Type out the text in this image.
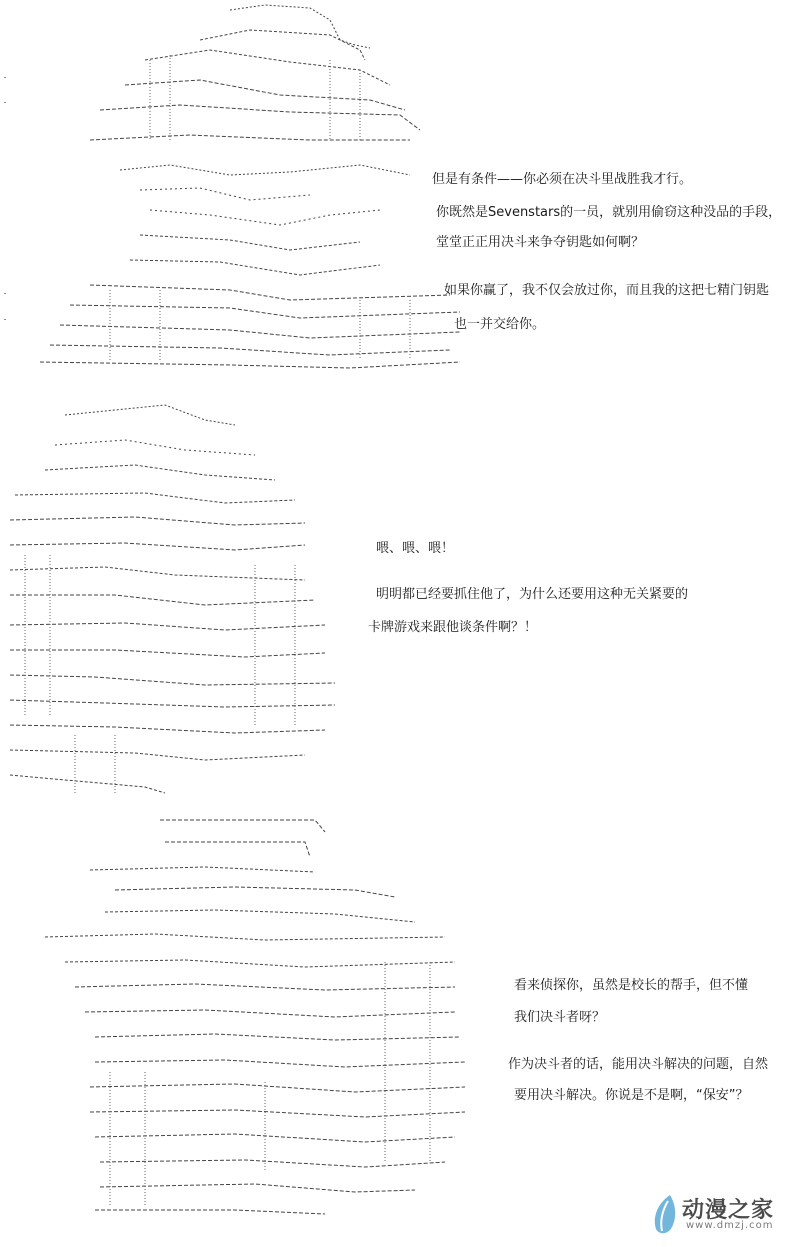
但是有条件——你必须在决斗里战胜我才行。
你既然是Sevenstars的一员，就别用偷窃这种没品的手段，
堂堂正正用决斗来争夺钥匙如何啊？
如果你赢了，我不仅会放过你，而且我的这把七精门钥匙
也一并交给你。
喂、喂、喂！
明明都已经要抓住他了，为什么还要用这种无关紧要的
卡牌游戏来跟他谈条件啊？！
看来侦探你，虽然是校长的帮手，但不懂
我们决斗者呀？
作为决斗者的话，能用决斗解决的问题，自然
要用决斗解决。你说是不是啊，“保安”？
动漫之家
www.dmzj.com
